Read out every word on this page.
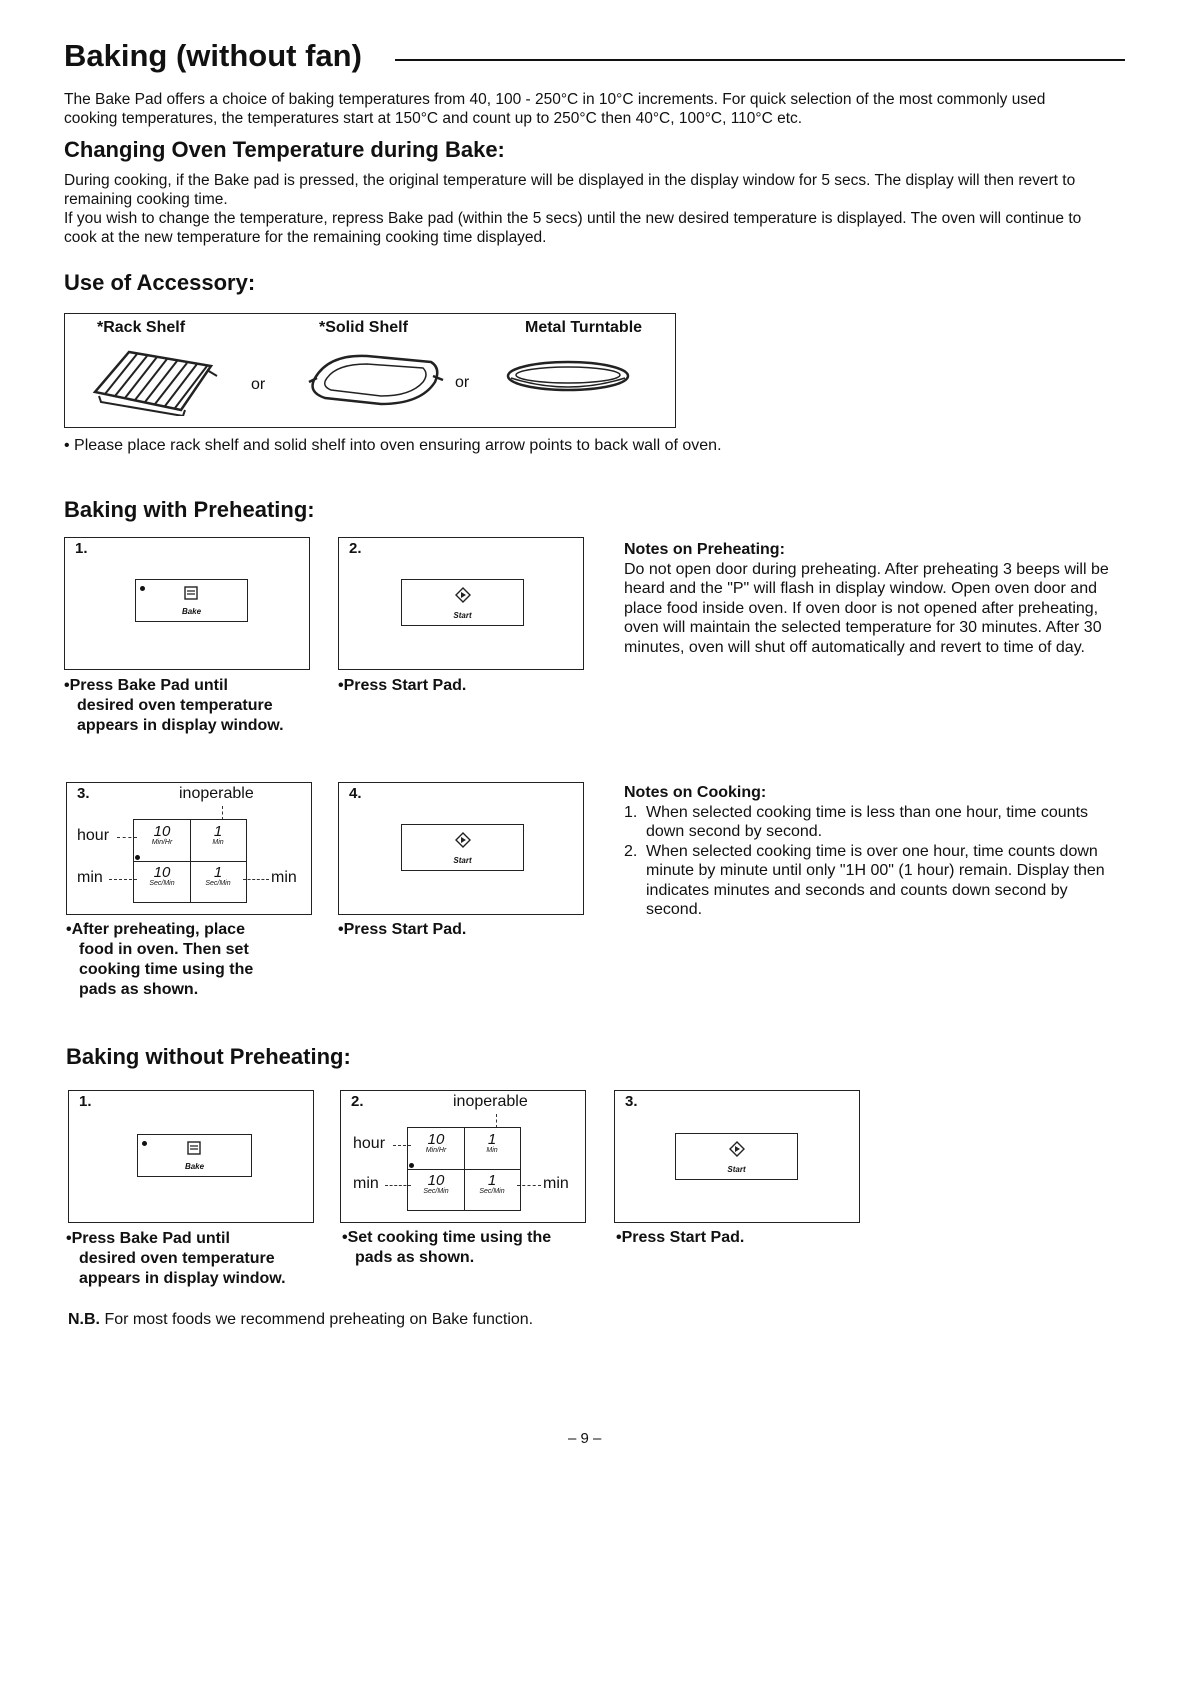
Baking (without fan)
The Bake Pad offers a choice of baking temperatures from 40, 100 - 250°C in 10°C increments. For quick selection of the most commonly used cooking temperatures, the temperatures start at 150°C and count up to 250°C then 40°C, 100°C, 110°C etc.
Changing Oven Temperature during Bake:
During cooking, if the Bake pad is pressed, the original temperature will be displayed in the display window for 5 secs. The display will then revert to remaining cooking time.
If you wish to change the temperature, repress Bake pad (within the 5 secs) until the new desired temperature is displayed. The oven will continue to cook at the new temperature for the remaining cooking time displayed.
Use of Accessory:
*Rack Shelf	*Solid Shelf	Metal Turntable
or	or
• Please place rack shelf and solid shelf into oven ensuring arrow points to back wall of oven.
Baking with Preheating:
1.
Bake
•Press Bake Pad until
desired oven temperature
appears in display window.
2.
Start
•Press Start Pad.
Notes on Preheating:
Do not open door during preheating. After preheating 3 beeps will be heard and the "P" will flash in display window. Open oven door and place food inside oven. If oven door is not opened after preheating, oven will maintain the selected temperature for 30 minutes. After 30 minutes, oven will shut off automatically and revert to time of day.
3.	inoperable
hour
min	min
10
Min/Hr
1
Min
10
Sec/Min
1
Sec/Min
•After preheating, place
food in oven. Then set
cooking time using the
pads as shown.
4.
Start
•Press Start Pad.
Notes on Cooking:
1. When selected cooking time is less than one hour, time counts down second by second.
2. When selected cooking time is over one hour, time counts down minute by minute until only "1H 00" (1 hour) remain. Display then indicates minutes and seconds and counts down second by second.
Baking without Preheating:
1.
Bake
•Press Bake Pad until
desired oven temperature
appears in display window.
2.	inoperable
hour
min	min
10
Min/Hr
1
Min
10
Sec/Min
1
Sec/Min
•Set cooking time using the
pads as shown.
3.
Start
•Press Start Pad.
N.B. For most foods we recommend preheating on Bake function.
– 9 –
